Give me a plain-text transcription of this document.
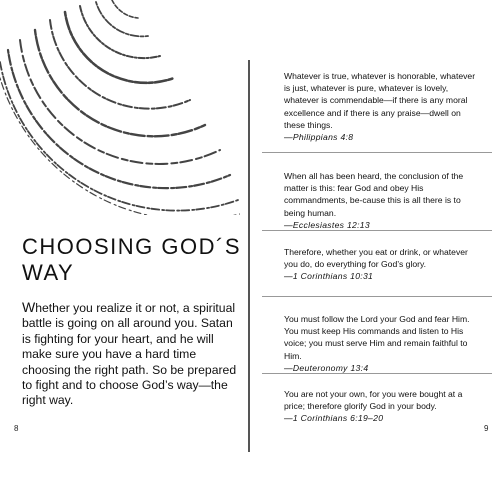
CHOOSING GOD´S
WAY
Whether you realize it or not, a spiritual battle is going on all around you. Satan is fighting for your heart, and he will make sure you have a hard time choosing the right path. So be prepared to fight and to choose God’s way—the right way.
8
Whatever is true, whatever is honorable, whatever is just, whatever is pure, whatever is lovely, whatever is commendable—if there is any moral excellence and if there is any praise—dwell on these things.
—Philippians 4:8
When all has been heard, the conclusion of the matter is this: fear God and obey His commandments, be-cause this is all there is to being human.
—Ecclesiastes 12:13
Therefore, whether you eat or drink, or whatever you do, do everything for God’s glory.
—1 Corinthians 10:31
You must follow the Lord your God and fear Him. You must keep His commands and listen to His voice; you must serve Him and remain faithful to Him.
—Deuteronomy 13:4
You are not your own, for you were bought at a price; therefore glorify God in your body.
—1 Corinthians 6:19–20
9
